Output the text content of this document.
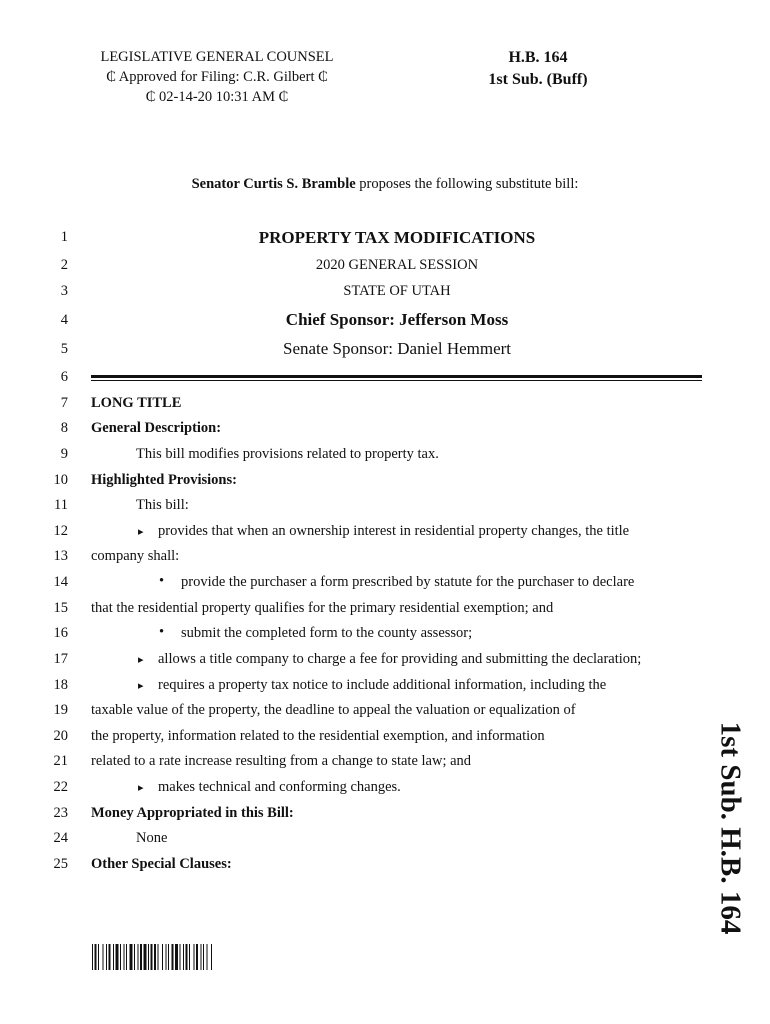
LEGISLATIVE GENERAL COUNSEL
₵ Approved for Filing: C.R. Gilbert ₵
₵ 02-14-20 10:31 AM ₵
H.B. 164
1st Sub. (Buff)
Senator Curtis S. Bramble proposes the following substitute bill:
1
2
3
4
5
6
7
8
9
10
11
12
13
14
15
16
17
18
19
20
21
22
23
24
25
PROPERTY TAX MODIFICATIONS
2020 GENERAL SESSION
STATE OF UTAH
Chief Sponsor: Jefferson Moss
Senate Sponsor: Daniel Hemmert
LONG TITLE
General Description:
This bill modifies provisions related to property tax.
Highlighted Provisions:
This bill:
▸ provides that when an ownership interest in residential property changes, the title
company shall:
• provide the purchaser a form prescribed by statute for the purchaser to declare
that the residential property qualifies for the primary residential exemption; and
• submit the completed form to the county assessor;
▸ allows a title company to charge a fee for providing and submitting the declaration;
▸ requires a property tax notice to include additional information, including the
taxable value of the property, the deadline to appeal the valuation or equalization of
the property, information related to the residential exemption, and information
related to a rate increase resulting from a change to state law; and
▸ makes technical and conforming changes.
Money Appropriated in this Bill:
None
Other Special Clauses:	1st Sub. H.B. 164
